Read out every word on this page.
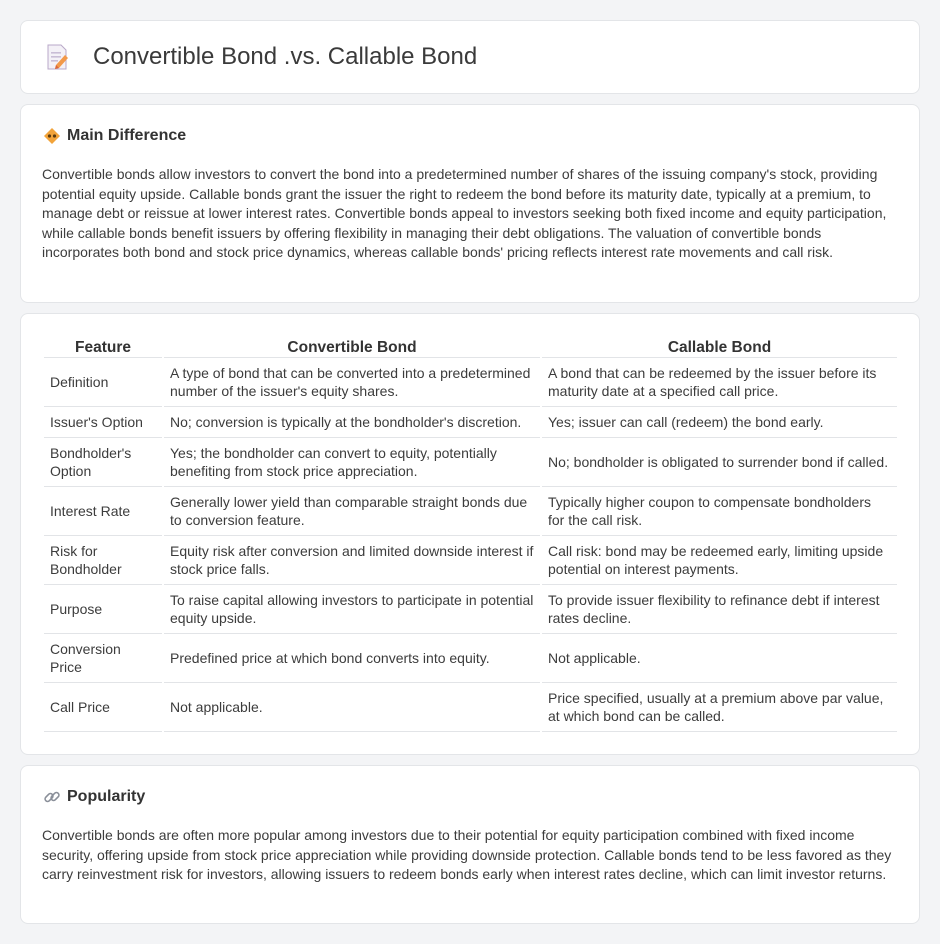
Convertible Bond .vs. Callable Bond
Main Difference

Convertible bonds allow investors to convert the bond into a predetermined number of shares of the issuing company's stock, providing potential equity upside. Callable bonds grant the issuer the right to redeem the bond before its maturity date, typically at a premium, to manage debt or reissue at lower interest rates. Convertible bonds appeal to investors seeking both fixed income and equity participation, while callable bonds benefit issuers by offering flexibility in managing their debt obligations. The valuation of convertible bonds incorporates both bond and stock price dynamics, whereas callable bonds' pricing reflects interest rate movements and call risk.

Feature	Convertible Bond	Callable Bond
Definition	A type of bond that can be converted into a predetermined number of the issuer's equity shares.	A bond that can be redeemed by the issuer before its maturity date at a specified call price.
Issuer's Option	No; conversion is typically at the bondholder's discretion.	Yes; issuer can call (redeem) the bond early.
Bondholder's Option	Yes; the bondholder can convert to equity, potentially benefiting from stock price appreciation.	No; bondholder is obligated to surrender bond if called.
Interest Rate	Generally lower yield than comparable straight bonds due to conversion feature.	Typically higher coupon to compensate bondholders for the call risk.
Risk for Bondholder	Equity risk after conversion and limited downside interest if stock price falls.	Call risk: bond may be redeemed early, limiting upside potential on interest payments.
Purpose	To raise capital allowing investors to participate in potential equity upside.	To provide issuer flexibility to refinance debt if interest rates decline.
Conversion Price	Predefined price at which bond converts into equity.	Not applicable.
Call Price	Not applicable.	Price specified, usually at a premium above par value, at which bond can be called.
Popularity

Convertible bonds are often more popular among investors due to their potential for equity participation combined with fixed income security, offering upside from stock price appreciation while providing downside protection. Callable bonds tend to be less favored as they carry reinvestment risk for investors, allowing issuers to redeem bonds early when interest rates decline, which can limit investor returns.
